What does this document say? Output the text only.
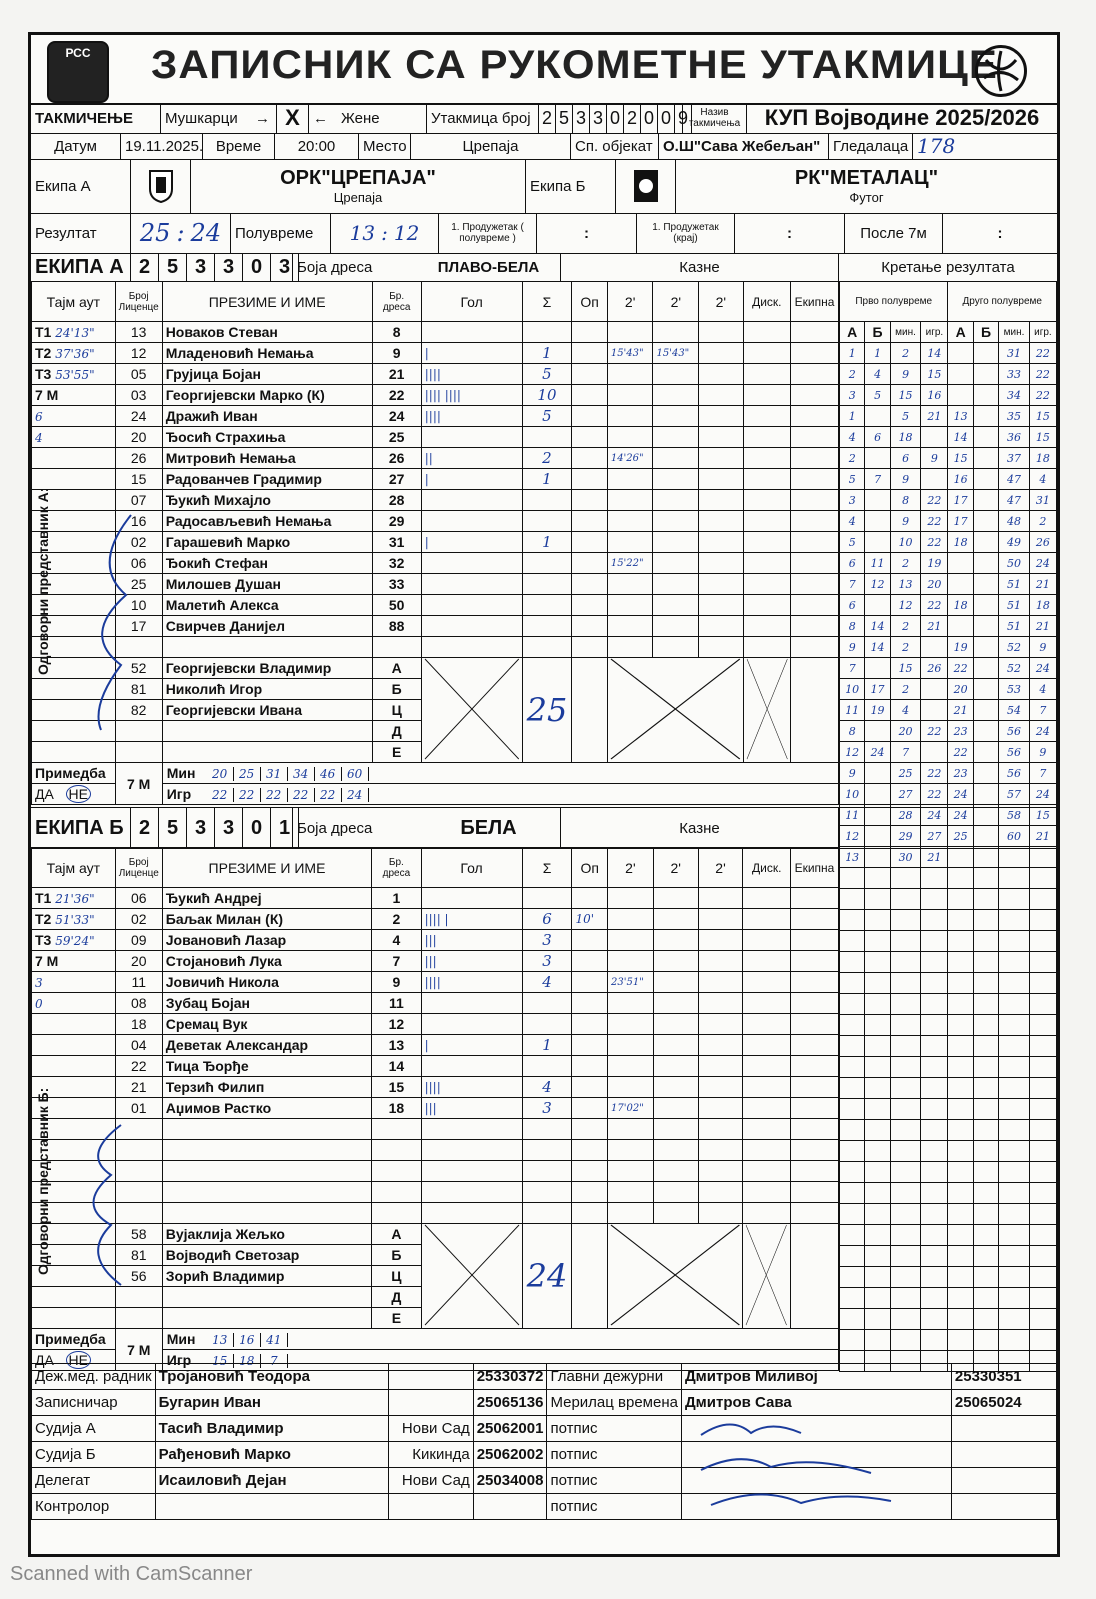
РСС	ЗАПИСНИК СА РУКОМЕТНЕ УТАКМИЦЕ
ТАКМИЧЕЊЕ	Мушкарци	→ X ← Жене	Утакмица број 2 5 3 3 0 2 0 0 9	Назив такмичења	КУП Војводине 2025/2026
Датум	19.11.2025. Време	20:00	Место	Црепаја	Сп. објекат О.Ш"Сава Жебељан" Гледалаца 178
Екипа А	ОРК"ЦРЕПАЈА"
Црепаја
Екипа Б	РК"МЕТАЛАЦ"
Футог
Резултат	25 : 24 Полувреме	13 : 12	1. Продужетак ( полувреме )	:	1. Продужетак (крај)	:	После 7м	:
ЕКИПА А 2 5 3 3 0 3 Боја дреса	ПЛАВО-БЕЛА	Казне	Кретање резултата
Тајм аут	Број Лиценце	ПРЕЗИМЕ И ИМЕ	Бр. дреса	Гол	Σ	Оп	2'	2'	2'	Диск.	Екипна
T1 24'13"	13	Новаков Стеван	8								
T2 37'36"	12	Младеновић Немања	9	|	1		15'43"	15'43"			
T3 53'55"	05	Грујица Бојан	21	||||	5						
7 M	03	Георгијевски Марко (К)	22	|||| ||||	10						
6	24	Дражић Иван	24	||||	5						
4	20	Ђосић Страхиња	25								
	26	Митровић Немања	26	||	2		14'26"				
	15	Радованчев Градимир	27	|	1						
	07	Ђукић Михајло	28								
	16	Радосављевић Немања	29								
	02	Гарашевић Марко	31	|	1						
	06	Ђокић Стефан	32				15'22"				
	25	Милошев Душан	33								
	10	Малетић Алекса	50								
	17	Свирчев Данијел	88								

	52	Георгијевски Владимир	А		25				
	81	Николић Игор	Б								
	82	Георгијевски Ивана	Ц								
			Д								
			Е								
Примедба	7 М	Мин 20 25 31 34 46 60									
ДА НЕ		Игр 22 22 22 22 22 24									
Прво полувреме				Друго полувреме			
А	Б	мин.	игр.	А	Б	мин.	игр.
1	1	2	14			31	22
2	4	9	15			33	22
3	5	15	16			34	22
1		5	21	13		35	15
4	6	18		14		36	15
2		6	9	15		37	18
5	7	9		16		47	4
3		8	22	17		47	31
4		9	22	17		48	2
5		10	22	18		49	26
6	11	2	19			50	24
7	12	13	20			51	21
6		12	22	18		51	18
8	14	2	21			51	21
9	14	2		19		52	9
7		15	26	22		52	24
10	17	2		20		53	4
11	19	4		21		54	7
8		20	22	23		56	24
12	24	7		22		56	9
9		25	22	23		56	7
10		27	22	24		57	24
11		28	24	24		58	15
12		29	27	25		60	21
13		30	21				

Одговорни представник А:
ЕКИПА Б 2 5 3 3 0 1 Боја дреса	БЕЛА	Казне
Тајм аут	Број Лиценце	ПРЕЗИМЕ И ИМЕ	Бр. дреса	Гол	Σ	Оп	2'	2'	2'	Диск.	Екипна
T1 21'36"	06	Ђукић Андреј	1								
T2 51'33"	02	Баљак Милан (К)	2	|||| |	6	10'					
T3 59'24"	09	Јовановић Лазар	4	|||	3						
7 M	20	Стојановић Лука	7	|||	3						
3	11	Јовичић Никола	9	||||	4		23'51"				
0	08	Зубац Бојан	11								
	18	Сремац Вук	12								
	04	Деветак Александар	13	|	1						
	22	Тица Ђорђе	14								
	21	Терзић Филип	15	||||	4						
	01	Аџимов Растко	18	|||	3		17'02"				

	58	Вујаклија Жељко	А		24				
	81	Војводић Светозар	Б								
	56	Зорић Владимир	Ц								
			Д								
			Е								
Примедба	7 М	Мин 13 16 41									
ДА НЕ		Игр 15 18 7									
Одговорни представник Б:
Деж.мед. радник	Тројановић Теодора		25330372	Главни дежурни	Дмитров Миливој	25330351
Записничар	Бугарин Иван		25065136	Мерилац времена	Дмитров Сава	25065024
Судија А	Тасић Владимир	Нови Сад	25062001	потпис		
Судија Б	Рађеновић Марко	Кикинда	25062002	потпис		
Делегат	Исаиловић Дејан	Нови Сад	25034008	потпис		
Контролор				потпис		
Scanned with CamScanner
